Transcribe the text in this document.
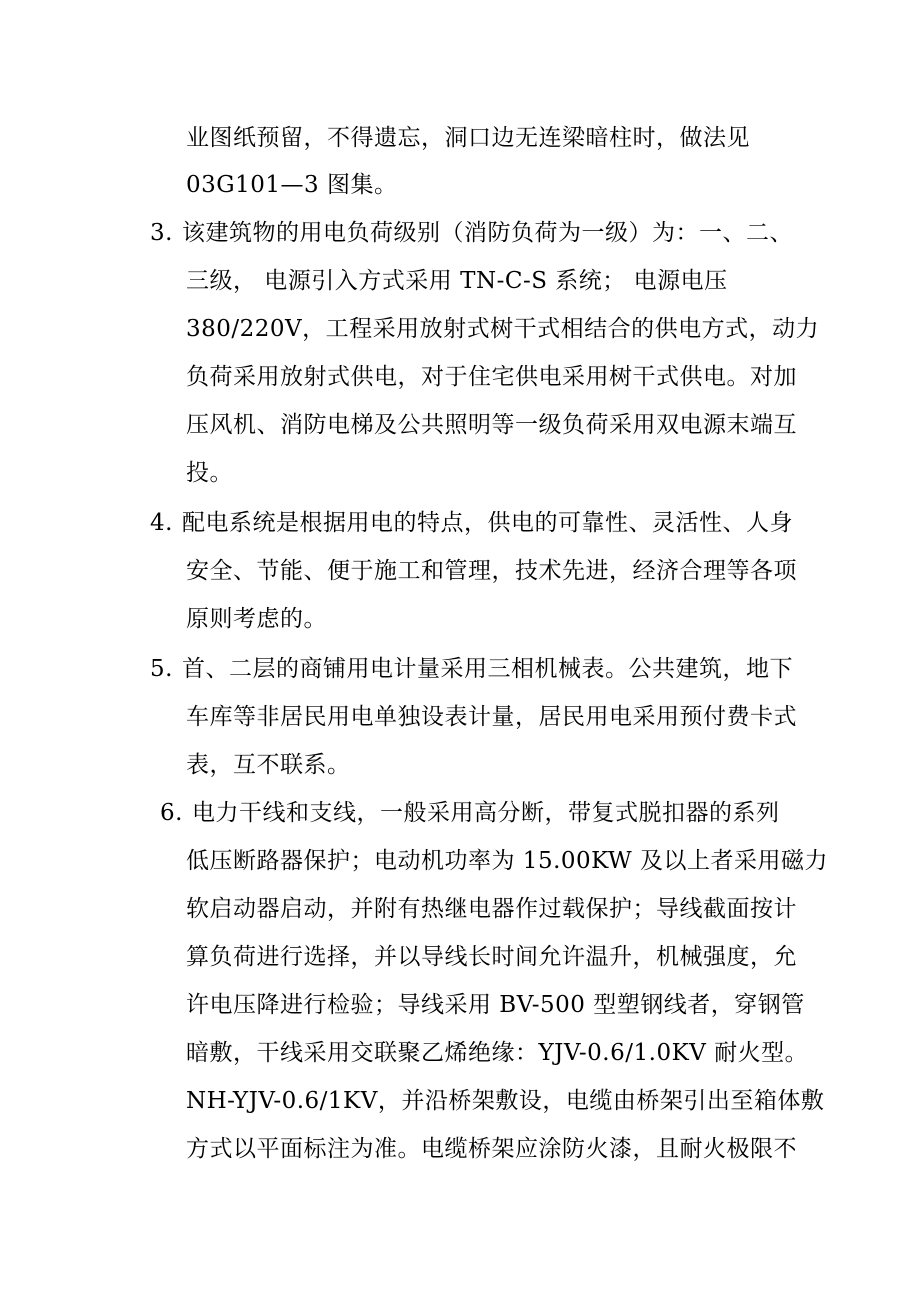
业图纸预留，不得遗忘，洞口边无连梁暗柱时，做法见
03G101—3 图集。
3. 该建筑物的用电负荷级别（消防负荷为一级）为：一、二、
三级， 电源引入方式采用 TN-C-S 系统； 电源电压
380/220V，工程采用放射式树干式相结合的供电方式，动力
负荷采用放射式供电，对于住宅供电采用树干式供电。对加
压风机、消防电梯及公共照明等一级负荷采用双电源末端互
投。
4. 配电系统是根据用电的特点，供电的可靠性、灵活性、人身
安全、节能、便于施工和管理，技术先进，经济合理等各项
原则考虑的。
5. 首、二层的商铺用电计量采用三相机械表。公共建筑，地下
车库等非居民用电单独设表计量，居民用电采用预付费卡式
表，互不联系。
6. 电力干线和支线，一般采用高分断，带复式脱扣器的系列
低压断路器保护；电动机功率为 15.00KW 及以上者采用磁力
软启动器启动，并附有热继电器作过载保护；导线截面按计
算负荷进行选择，并以导线长时间允许温升，机械强度，允
许电压降进行检验；导线采用 BV-500 型塑钢线者，穿钢管
暗敷，干线采用交联聚乙烯绝缘：YJV-0.6/1.0KV 耐火型。
NH-YJV-0.6/1KV，并沿桥架敷设，电缆由桥架引出至箱体敷
方式以平面标注为准。电缆桥架应涂防火漆，且耐火极限不
